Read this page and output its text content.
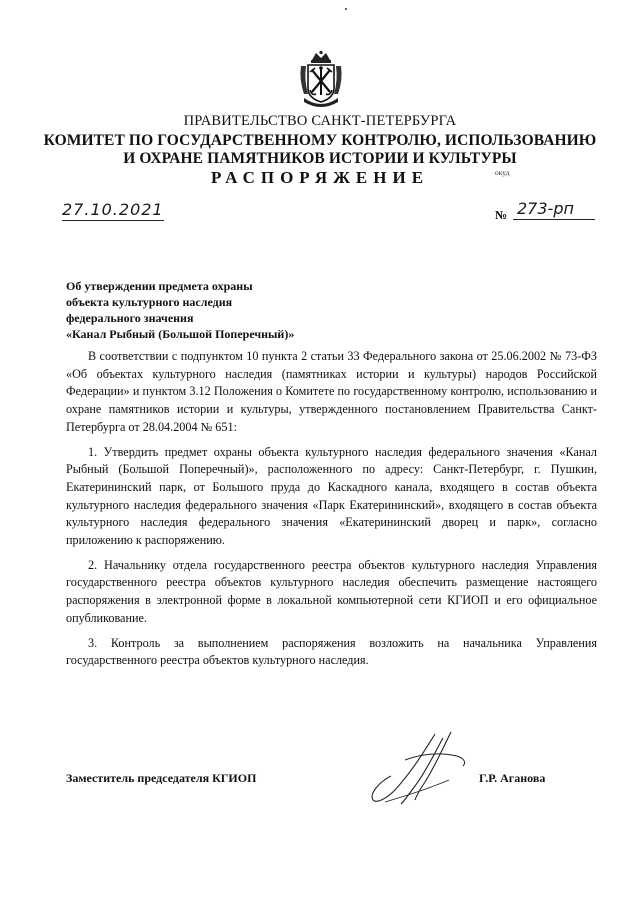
ПРАВИТЕЛЬСТВО САНКТ-ПЕТЕРБУРГА
КОМИТЕТ ПО ГОСУДАРСТВЕННОМУ КОНТРОЛЮ, ИСПОЛЬЗОВАНИЮ
И ОХРАНЕ ПАМЯТНИКОВ ИСТОРИИ И КУЛЬТУРЫ
РАСПОРЯЖЕНИЕ	окуд
27.10.2021	№ 273-рп
Об утверждении предмета охраны
объекта культурного наследия
федерального значения
«Канал Рыбный (Большой Поперечный)»

В соответствии с подпунктом 10 пункта 2 статьи 33 Федерального закона от 25.06.2002 № 73-ФЗ «Об объектах культурного наследия (памятниках истории и культуры) народов Российской Федерации» и пунктом 3.12 Положения о Комитете по государственному контролю, использованию и охране памятников истории и культуры, утвержденного постановлением Правительства Санкт-Петербурга от 28.04.2004 № 651:

1. Утвердить предмет охраны объекта культурного наследия федерального значения «Канал Рыбный (Большой Поперечный)», расположенного по адресу: Санкт-Петербург, г. Пушкин, Екатерининский парк, от Большого пруда до Каскадного канала, входящего в состав объекта культурного наследия федерального значения «Парк Екатерининский», входящего в состав объекта культурного наследия федерального значения «Екатерининский дворец и парк», согласно приложению к распоряжению.

2. Начальнику отдела государственного реестра объектов культурного наследия Управления государственного реестра объектов культурного наследия обеспечить размещение настоящего распоряжения в электронной форме в локальной компьютерной сети КГИОП и его официальное опубликование.

3. Контроль за выполнением распоряжения возложить на начальника Управления государственного реестра объектов культурного наследия.

Заместитель председателя КГИОП	Г.Р. Аганова
